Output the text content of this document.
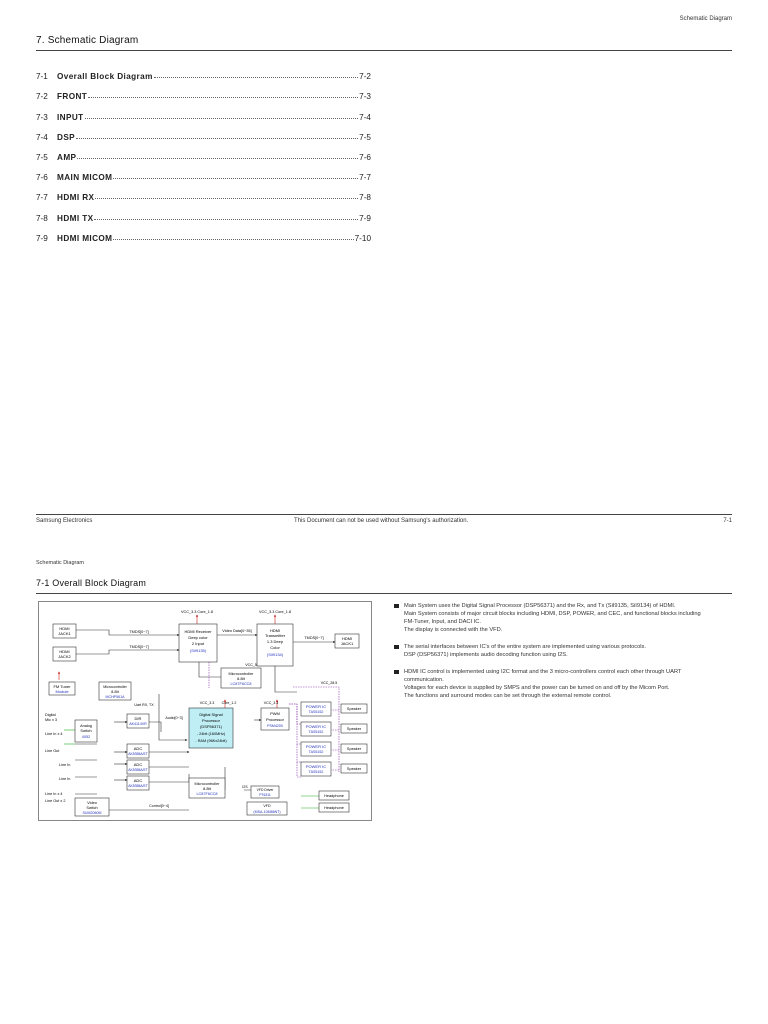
Schematic Diagram
7. Schematic Diagram
7-1	Overall Block Diagram	7-2
7-2	FRONT	7-3
7-3	INPUT	7-4
7-4	DSP	7-5
7-5	AMP	7-6
7-6	MAIN MICOM	7-7
7-7	HDMI RX	7-8
7-8	HDMI TX	7-9
7-9	HDMI MICOM	7-10
Samsung Electronics	This Document can not be used without Samsung's authorization.	7-1
Schematic Diagram
7-1 Overall Block Diagram
HDMI
JACK1
HDMI
JACK2
HDMI Receiver
Deep color
2 Input
(SiI9135)
HDMI
Transmitter
1.3 Deep
Color
(SiI9134)
HDMI
JACK1
VCC_3.3 Core_1.8	VCC_3.3 Core_1.8
TMDS[0~7]
TMDS[0~7]
Video Data[0~35]
TMDS[0~7]
FM Tuner
Module
Microcontroller
8-Bit
MCHP561A
Microcontroller
8-Bit
LC87F6CC8
VCC_5
VCC_3.3 Core_1.2	VCC_3.3
Uart RX, TX
Audio[0~3]
Control[0~4]
I2S
VCC_28.5
DIR
AK4114VR
Analog
Switch
4052
ADC
AK5358A/ET
ADC
AK5358A/ET
ADC
AK5358A/ET
Digital Signal
Processor
(DSP56371)
- 24bit (160MHz)
- RAM (96Kx24bit)
PWM
Processor
PSM4200
POWER IC
TAS5152
POWER IC
TAS5152
POWER IC
TAS5152
POWER IC
TAS5152
Speaker
Speaker
Speaker
Speaker
Headphone
Headphone
Microcontroller
8-Bit
LC87F6CC8
VFD Driver
PT6311
VFD
(MSA-10M86NT)
Video
Switch
SUM2060M
Digital
Mic x 3
Line In x 4
Line Out
Line In
Line In
Line In x 4
Line Out x 2
Main System uses the Digital Signal Processor (DSP56371) and the Rx, and Tx (SiI9135, SiI9134) of HDMI.
Main System consists of major circuit blocks including HDMI, DSP, POWER, and CEC, and functional blocks including
FM-Tuner, Input, and DACI IC.
The display is connected with the VFD.
The serial interfaces between IC's of the entire system are implemented using various protocols.
DSP (DSP56371) implements audio decoding function using I2S.
HDMI IC control is implemented using I2C format and the 3 micro-controllers control each other through UART
communication.
Voltages for each device is supplied by SMPS and the power can be turned on and off by the Micom Port.
The functions and surround modes can be set through the external remote control.
